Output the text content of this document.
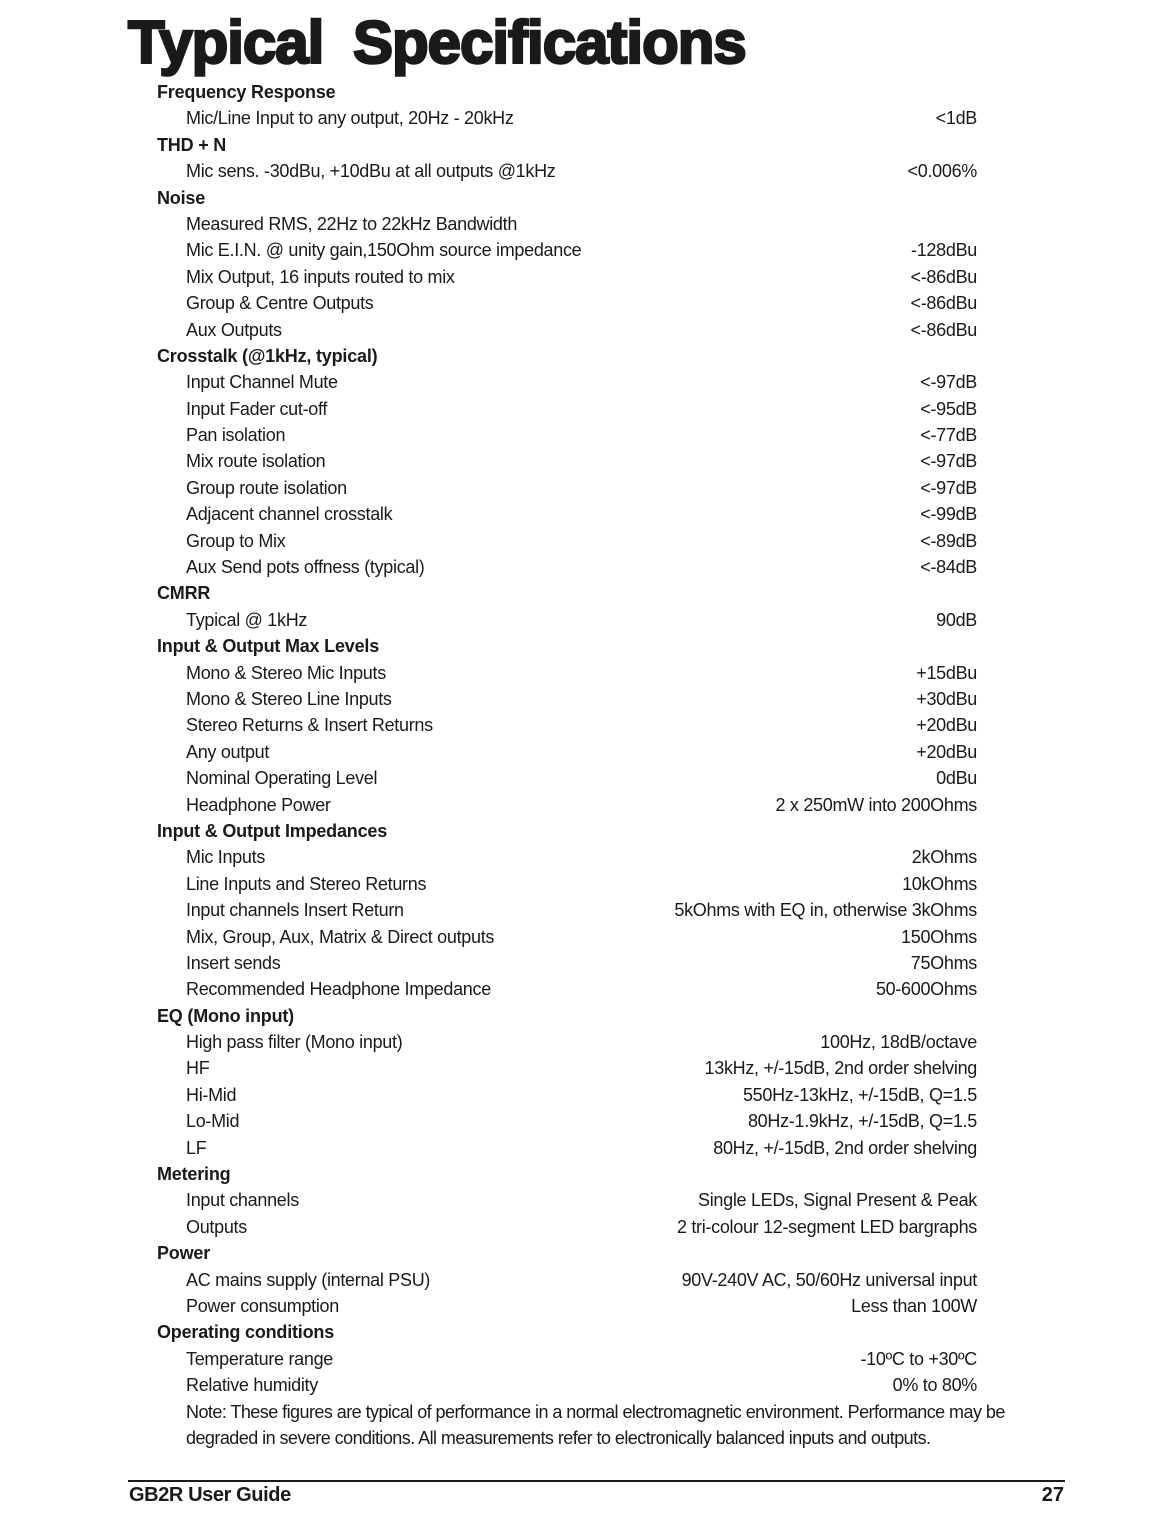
Typical Specifications
Frequency Response
Mic/Line Input to any output, 20Hz - 20kHz	<1dB
THD + N
Mic sens. -30dBu, +10dBu at all outputs @1kHz	<0.006%
Noise
Measured RMS, 22Hz to 22kHz Bandwidth
Mic E.I.N. @ unity gain,150Ohm source impedance	-128dBu
Mix Output, 16 inputs routed to mix	<-86dBu
Group & Centre Outputs	<-86dBu
Aux Outputs	<-86dBu
Crosstalk (@1kHz, typical)
Input Channel Mute	<-97dB
Input Fader cut-off	<-95dB
Pan isolation	<-77dB
Mix route isolation	<-97dB
Group route isolation	<-97dB
Adjacent channel crosstalk	<-99dB
Group to Mix	<-89dB
Aux Send pots offness (typical)	<-84dB
CMRR
Typical @ 1kHz	90dB
Input & Output Max Levels
Mono & Stereo Mic Inputs	+15dBu
Mono & Stereo Line Inputs	+30dBu
Stereo Returns & Insert Returns	+20dBu
Any output	+20dBu
Nominal Operating Level	0dBu
Headphone Power	2 x 250mW into 200Ohms
Input & Output Impedances
Mic Inputs	2kOhms
Line Inputs and Stereo Returns	10kOhms
Input channels Insert Return	5kOhms with EQ in, otherwise 3kOhms
Mix, Group, Aux, Matrix & Direct outputs	150Ohms
Insert sends	75Ohms
Recommended Headphone Impedance	50-600Ohms
EQ (Mono input)
High pass filter (Mono input)	100Hz, 18dB/octave
HF	13kHz, +/-15dB, 2nd order shelving
Hi-Mid	550Hz-13kHz, +/-15dB, Q=1.5
Lo-Mid	80Hz-1.9kHz, +/-15dB, Q=1.5
LF	80Hz, +/-15dB, 2nd order shelving
Metering
Input channels	Single LEDs, Signal Present & Peak
Outputs	2 tri-colour 12-segment LED bargraphs
Power
AC mains supply (internal PSU)	90V-240V AC, 50/60Hz universal input
Power consumption	Less than 100W
Operating conditions
Temperature range	-10ºC to +30ºC
Relative humidity	0% to 80%
Note: These figures are typical of performance in a normal electromagnetic environment. Performance may be degraded in severe conditions. All measurements refer to electronically balanced inputs and outputs.
GB2R User Guide	27
